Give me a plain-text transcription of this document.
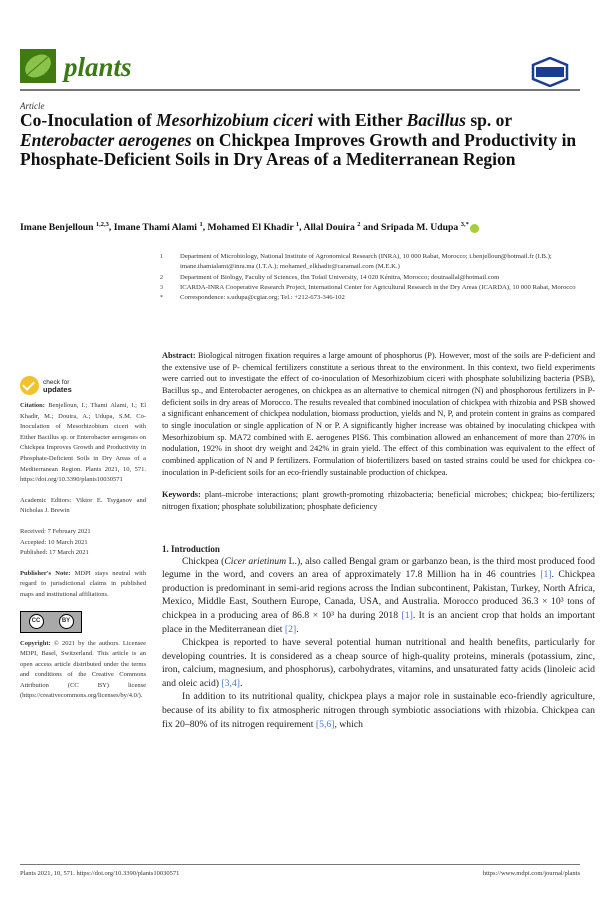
plants
Article
Co-Inoculation of Mesorhizobium ciceri with Either Bacillus sp. or Enterobacter aerogenes on Chickpea Improves Growth and Productivity in Phosphate-Deficient Soils in Dry Areas of a Mediterranean Region
Imane Benjelloun $^{1,2,3}$, Imane Thami Alami $^1$, Mohamed El Khadir $^1$, Allal Douira $^2$ and Sripada M. Udupa $^{3,*}$
1	Department of Microbiology, National Institute of Agronomical Research (INRA), 10 000 Rabat, Morocco; i.benjelloun@hotmail.fr (I.B.); imane.thamialami@inra.ma (I.T.A.); mohamed_elkhadir@caramail.com (M.E.K.)
2	Department of Biology, Faculty of Sciences, Ibn Tofail University, 14 020 Kénitra, Morocco; douiraallal@hotmail.com
3	ICARDA-INRA Cooperative Research Project, International Center for Agricultural Research in the Dry Areas (ICARDA), 10 000 Rabat, Morocco
*	Correspondence: s.udupa@cgiar.org; Tel.: +212-673-346-102
check for
updates
Citation: Benjelloun, I.; Thami Alami, I.; El Khadir, M.; Douira, A.; Udupa, S.M. Co-Inoculation of Mesorhizobium ciceri with Either Bacillus sp. or Enterobacter aerogenes on Chickpea Improves Growth and Productivity in Phosphate-Deficient Soils in Dry Areas of a Mediterranean Region. Plants 2021, 10, 571. https://doi.org/10.3390/plants10030571
Academic Editors: Viktor E. Tsyganov and Nicholas J. Brewin
Received: 7 February 2021
Accepted: 10 March 2021
Published: 17 March 2021
Publisher's Note: MDPI stays neutral with regard to jurisdictional claims in published maps and institutional affiliations.
CC	BY
Copyright: © 2021 by the authors. Licensee MDPI, Basel, Switzerland. This article is an open access article distributed under the terms and conditions of the Creative Commons Attribution (CC BY) license (https://creativecommons.org/licenses/by/4.0/).
Abstract: Biological nitrogen fixation requires a large amount of phosphorus (P). However, most of the soils are P-deficient and the extensive use of P- chemical fertilizers constitute a serious threat to the environment. In this context, two field experiments were carried out to investigate the effect of co-inoculation of Mesorhizobium ciceri with phosphate solubilizing bacteria (PSB), Bacillus sp., and Enterobacter aerogenes, on chickpea as an alternative to chemical nitrogen (N) and phosphorous fertilizers in P-deficient soils in dry areas of Morocco. The results revealed that combined inoculation of chickpea with rhizobia and PSB showed a significant enhancement of chickpea nodulation, biomass production, yields and N, P, and protein content in grains as compared to single inoculation or single application of N or P. A significantly higher increase was obtained by inoculating chickpea with Mesorhizobium sp. MA72 combined with E. aerogenes PIS6. This combination allowed an enhancement of more than 270% in nodulation, 192% in shoot dry weight and 242% in grain yield. The effect of this combination was equivalent to the effect of combined application of N and P fertilizers. Formulation of biofertilizers based on tasted strains could be used for chickpea co-inoculation in P-deficient soils for an eco-friendly sustainable production of chickpea.
Keywords: plant–microbe interactions; plant growth-promoting rhizobacteria; beneficial microbes; chickpea; bio-fertilizers; nitrogen fixation; phosphate solubilization; phosphate deficiency
1. Introduction

Chickpea (Cicer arietinum L.), also called Bengal gram or garbanzo bean, is the third most produced food legume in the word, and covers an area of approximately 17.8 Million ha in 46 countries [1]. Chickpea production is predominant in semi-arid regions across the Indian subcontinent, Pakistan, Turkey, North Africa, Mexico, Middle East, Southern Europe, Canada, USA, and Australia. Morocco produced 36.3 × 10³ tons of chickpea in a producing area of 86.8 × 10³ ha during 2018 [1]. It is an ancient crop that holds an important place in the Mediterranean diet [2].

Chickpea is reported to have several potential human nutritional and health benefits, particularly for developing countries. It is considered as a cheap source of high-quality proteins, minerals (potassium, zinc, iron, calcium, magnesium, and phosphorus), carbohydrates, vitamins, and unsaturated fatty acids (linoleic acid and oleic acid) [3,4].

In addition to its nutritional quality, chickpea plays a major role in sustainable eco-friendly agriculture, because of its ability to fix atmospheric nitrogen through symbiotic associations with rhizobia. Chickpea can fix 20–80% of its nitrogen requirement [5,6], which

Plants 2021, 10, 571. https://doi.org/10.3390/plants10030571	https://www.mdpi.com/journal/plants
